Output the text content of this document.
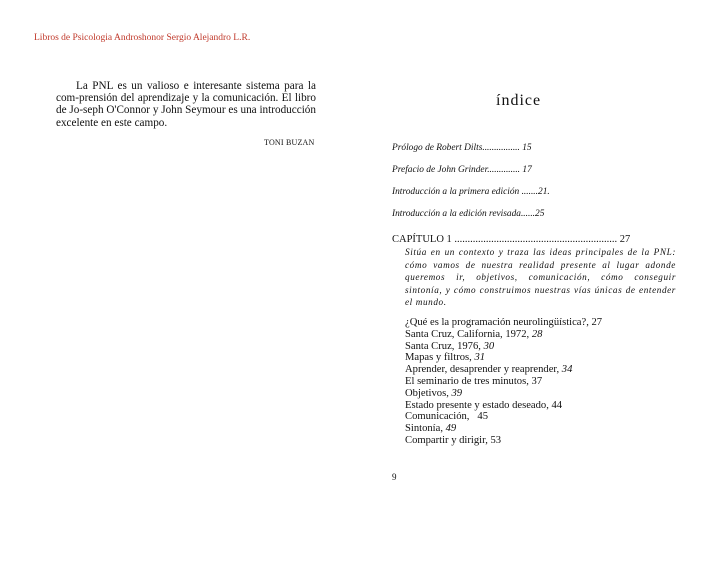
Libros de Psicologia Androshonor Sergio Alejandro L.R.
La PNL es un valioso e interesante sistema para la com-prensión del aprendizaje y la comunicación. El libro de Jo-seph O'Connor y John Seymour es una introducción excelente en este campo.
TONI BUZAN
índice
Prólogo de Robert Dilts................ 15
Prefacio de John Grinder.............. 17
Introducción a la primera edición .......21.
Introducción a la edición revisada......25
CAPÍTULO 1 .............................................................. 27
Sitúa en un contexto y traza las ideas principales de la PNL: cómo vamos de nuestra realidad presente al lugar adonde queremos ir, objetivos, comunicación, cómo conseguir sintonía, y cómo construimos nuestras vías únicas de entender el mundo.
¿Qué es la programación neurolingüística?, 27
Santa Cruz, California, 1972, 28
Santa Cruz, 1976, 30
Mapas y filtros, 31
Aprender, desaprender y reaprender, 34
El seminario de tres minutos, 37
Objetivos, 39
Estado presente y estado deseado, 44
Comunicación,   45
Sintonía, 49
Compartir y dirigir, 53
9
